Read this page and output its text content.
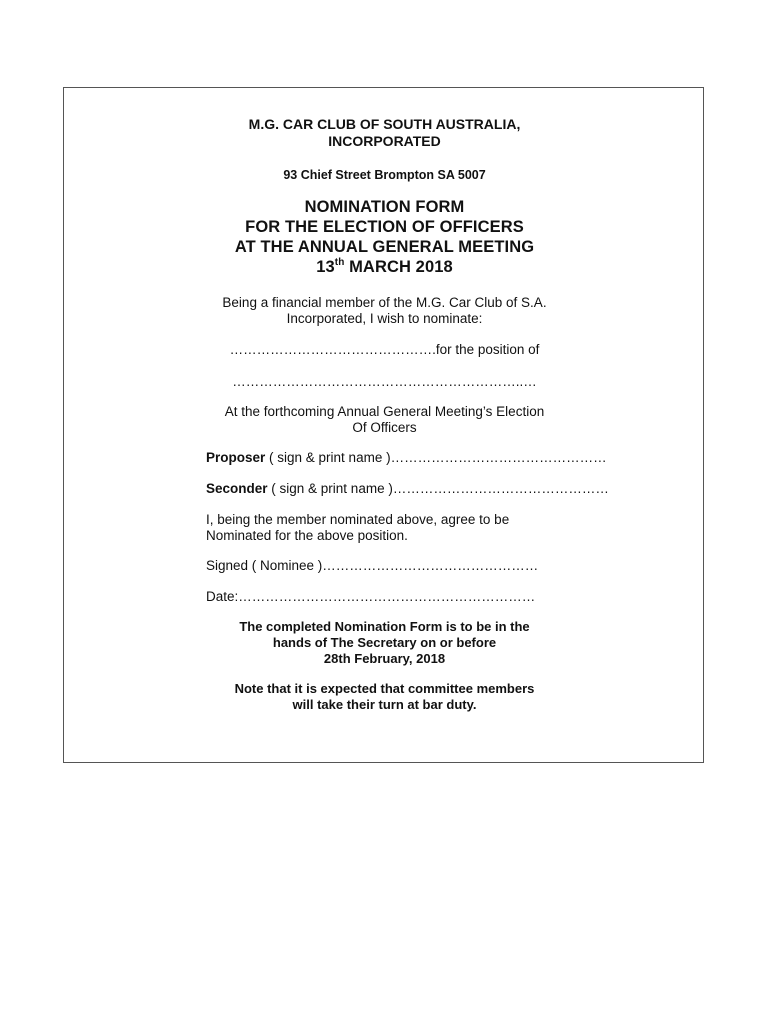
M.G. CAR CLUB OF SOUTH AUSTRALIA,
INCORPORATED
93 Chief Street Brompton SA 5007
NOMINATION FORM
FOR THE ELECTION OF OFFICERS
AT THE ANNUAL GENERAL MEETING
13th MARCH 2018
Being a financial member of the M.G. Car Club of S.A.
Incorporated, I wish to nominate:
……………………………………….for the position of
………………………………………………………..…
At the forthcoming Annual General Meeting’s Election
Of Officers
Proposer ( sign & print name )…………………………………………
Seconder ( sign & print name )…………………………………………
I, being the member nominated above, agree to be
Nominated for the above position.
Signed ( Nominee )…………………………………………
Date:…………………………………………………………
The completed Nomination Form is to be in the
hands of The Secretary on or before
28th February, 2018
Note that it is expected that committee members
will take their turn at bar duty.
